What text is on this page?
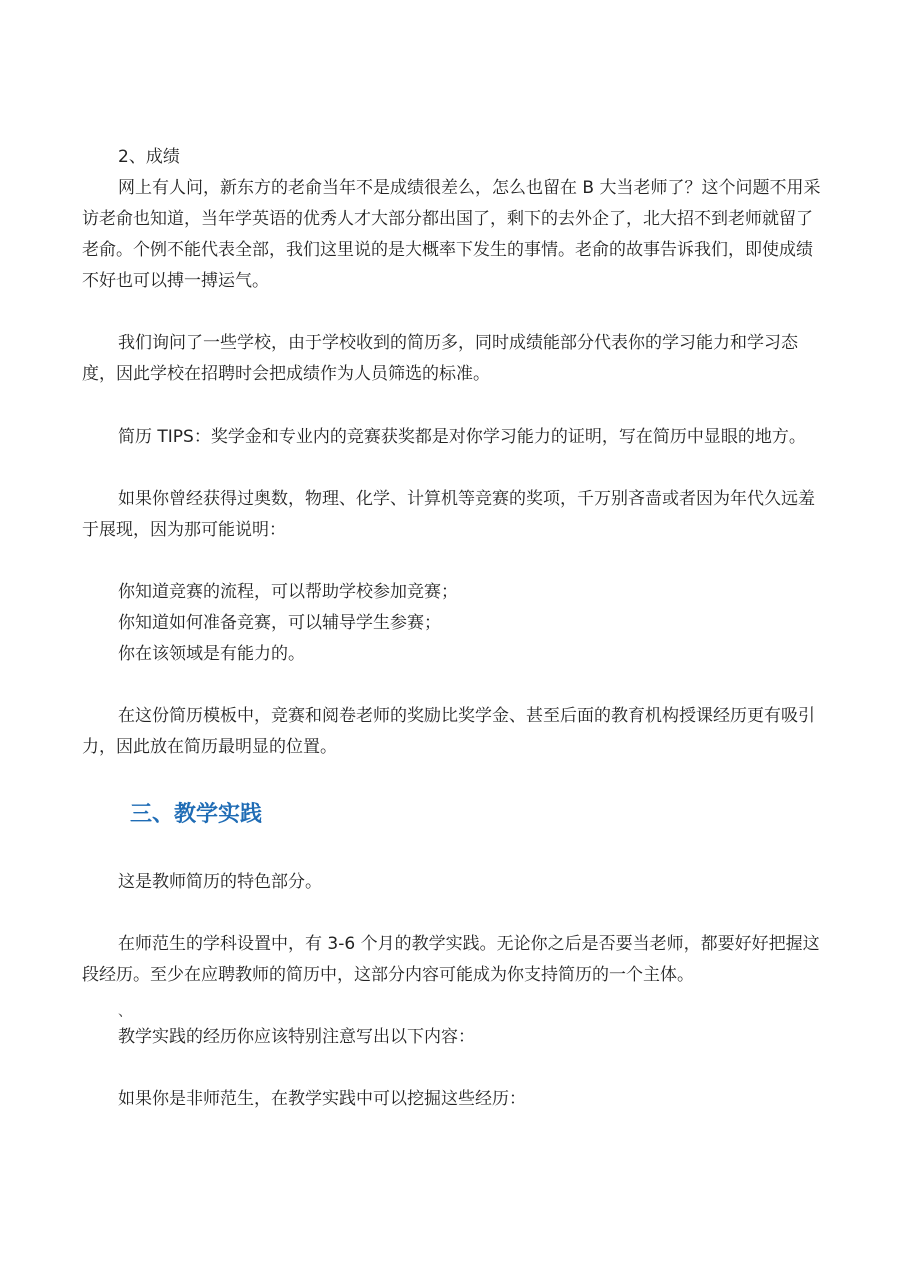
2、成绩

网上有人问，新东方的老俞当年不是成绩很差么，怎么也留在 B 大当老师了？这个问题不用采访老俞也知道，当年学英语的优秀人才大部分都出国了，剩下的去外企了，北大招不到老师就留了老俞。个例不能代表全部，我们这里说的是大概率下发生的事情。老俞的故事告诉我们，即使成绩不好也可以搏一搏运气。

我们询问了一些学校，由于学校收到的简历多，同时成绩能部分代表你的学习能力和学习态度，因此学校在招聘时会把成绩作为人员筛选的标准。

简历 TIPS：奖学金和专业内的竞赛获奖都是对你学习能力的证明，写在简历中显眼的地方。

如果你曾经获得过奥数，物理、化学、计算机等竞赛的奖项，千万别吝啬或者因为年代久远羞于展现，因为那可能说明：

你知道竞赛的流程，可以帮助学校参加竞赛；

你知道如何准备竞赛，可以辅导学生参赛；

你在该领域是有能力的。

在这份简历模板中，竞赛和阅卷老师的奖励比奖学金、甚至后面的教育机构授课经历更有吸引力，因此放在简历最明显的位置。

三、教学实践

这是教师简历的特色部分。

在师范生的学科设置中，有 3-6 个月的教学实践。无论你之后是否要当老师，都要好好把握这段经历。至少在应聘教师的简历中，这部分内容可能成为你支持简历的一个主体。

、

教学实践的经历你应该特别注意写出以下内容：

如果你是非师范生，在教学实践中可以挖掘这些经历：
